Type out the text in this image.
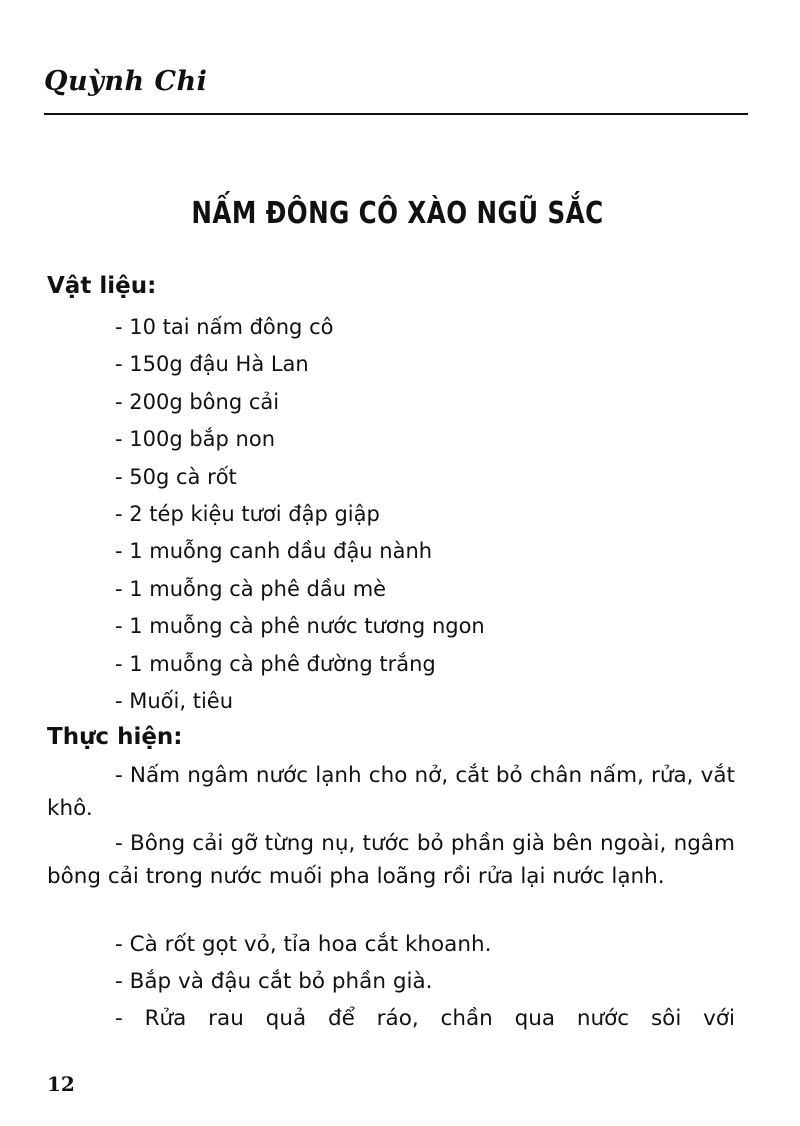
Quỳnh Chi
NẤM ĐÔNG CÔ XÀO NGŨ SẮC
Vật liệu:
- 10 tai nấm đông cô
- 150g đậu Hà Lan
- 200g bông cải
- 100g bắp non
- 50g cà rốt
- 2 tép kiệu tươi đập giập
- 1 muỗng canh dầu đậu nành
- 1 muỗng cà phê dầu mè
- 1 muỗng cà phê nước tương ngon
- 1 muỗng cà phê đường trắng
- Muối, tiêu
Thực hiện:

- Nấm ngâm nước lạnh cho nở, cắt bỏ chân nấm, rửa, vắt khô.

- Bông cải gỡ từng nụ, tước bỏ phần già bên ngoài, ngâm bông cải trong nước muối pha loãng rồi rửa lại nước lạnh.

- Cà rốt gọt vỏ, tỉa hoa cắt khoanh.

- Bắp và đậu cắt bỏ phần già.

- Rửa rau quả để ráo, chần qua nước sôi với

12
